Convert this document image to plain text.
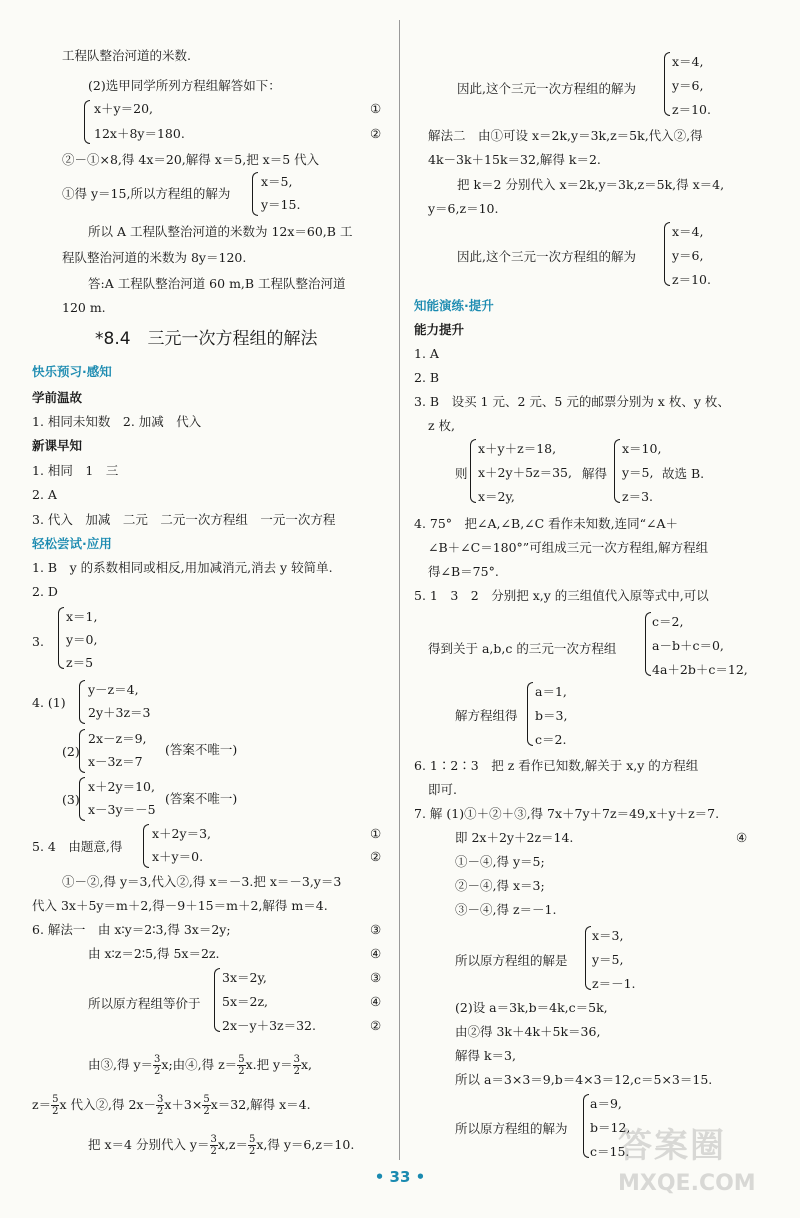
工程队整治河道的米数.
(2)选甲同学所列方程组解答如下：
x＋y＝20,
12x＋8y＝180.
①
②
②－①×8,得 4x＝20,解得 x＝5,把 x＝5 代入
①得 y＝15,所以方程组的解为
x＝5,
y＝15.
所以 A 工程队整治河道的米数为 12x＝60,B 工
程队整治河道的米数为 8y＝120.
答:A 工程队整治河道 60 m,B 工程队整治河道
120 m.
*8.4　三元一次方程组的解法
快乐预习·感知
学前温故
1. 相同未知数　2. 加减　代入
新课早知
1. 相同　1　三
2. A
3. 代入　加减　二元　二元一次方程组　一元一次方程
轻松尝试·应用
1. B　y 的系数相同或相反,用加减消元,消去 y 较简单.
2. D
3.
x＝1,
y＝0,
z＝5
4. (1)
y－z＝4,
2y＋3z＝3
(2)
2x－z＝9,
x－3z＝7
(答案不唯一)
(3)
x＋2y＝10,
x－3y＝－5
(答案不唯一)
5. 4　由题意,得
x＋2y＝3,
x＋y＝0.
①
②
①－②,得 y＝3,代入②,得 x＝－3.把 x＝－3,y＝3
代入 3x＋5y＝m＋2,得－9＋15＝m＋2,解得 m＝4.
6. 解法一　由 x∶y＝2∶3,得 3x＝2y;	③
由 x∶z＝2∶5,得 5x＝2z.	④
所以原方程组等价于
3x＝2y,
5x＝2z,
2x－y＋3z＝32.
③
④
②
由③,得 $y= \frac{3}{2} x$;由④,得 $z= \frac{5}{2} x$.把 $y= \frac{3}{2} x$,
$z= \frac{5}{2}$ x 代入②,得 $2x- \frac{3}{2} x+3\times \frac{5}{2} x=32$,解得 x＝4.
把 x＝4 分别代入 $y= \frac{3}{2} x,z= \frac{5}{2} x$,得 y＝6,z＝10.
因此,这个三元一次方程组的解为
x＝4,
y＝6,
z＝10.
解法二　由①可设 x＝2k,y＝3k,z＝5k,代入②,得
4k－3k＋15k＝32,解得 k＝2.
把 k＝2 分别代入 x＝2k,y＝3k,z＝5k,得 x＝4,
y＝6,z＝10.
因此,这个三元一次方程组的解为
x＝4,
y＝6,
z＝10.
知能演练·提升
能力提升
1. A
2. B
3. B　设买 1 元、2 元、5 元的邮票分别为 x 枚、y 枚、
z 枚,
则
x＋y＋z＝18,
x＋2y＋5z＝35,
x＝2y,
解得
x＝10,
y＝5,
z＝3.
故选 B.
4. 75°　把∠A,∠B,∠C 看作未知数,连同“∠A＋
∠B＋∠C＝180°”可组成三元一次方程组,解方程组
得∠B＝75°.
5. 1　3　2　分别把 x,y 的三组值代入原等式中,可以
得到关于 a,b,c 的三元一次方程组
c＝2,
a－b＋c＝0,
4a＋2b＋c＝12,
解方程组得
a＝1,
b＝3,
c＝2.
6. 1∶2∶3　把 z 看作已知数,解关于 x,y 的方程组
即可.
7. 解 (1)①＋②＋③,得 7x＋7y＋7z＝49,x＋y＋z＝7.
即 2x＋2y＋2z＝14.	④
①－④,得 y＝5;
②－④,得 x＝3;
③－④,得 z＝－1.
所以原方程组的解是
x＝3,
y＝5,
z＝－1.
(2)设 a＝3k,b＝4k,c＝5k,
由②得 3k＋4k＋5k＝36,
解得 k＝3,
所以 a＝3×3＝9,b＝4×3＝12,c＝5×3＝15.
所以原方程组的解为
a＝9,
b＝12,
c＝15.
• 33 •
答案圈
MXQE.COM
